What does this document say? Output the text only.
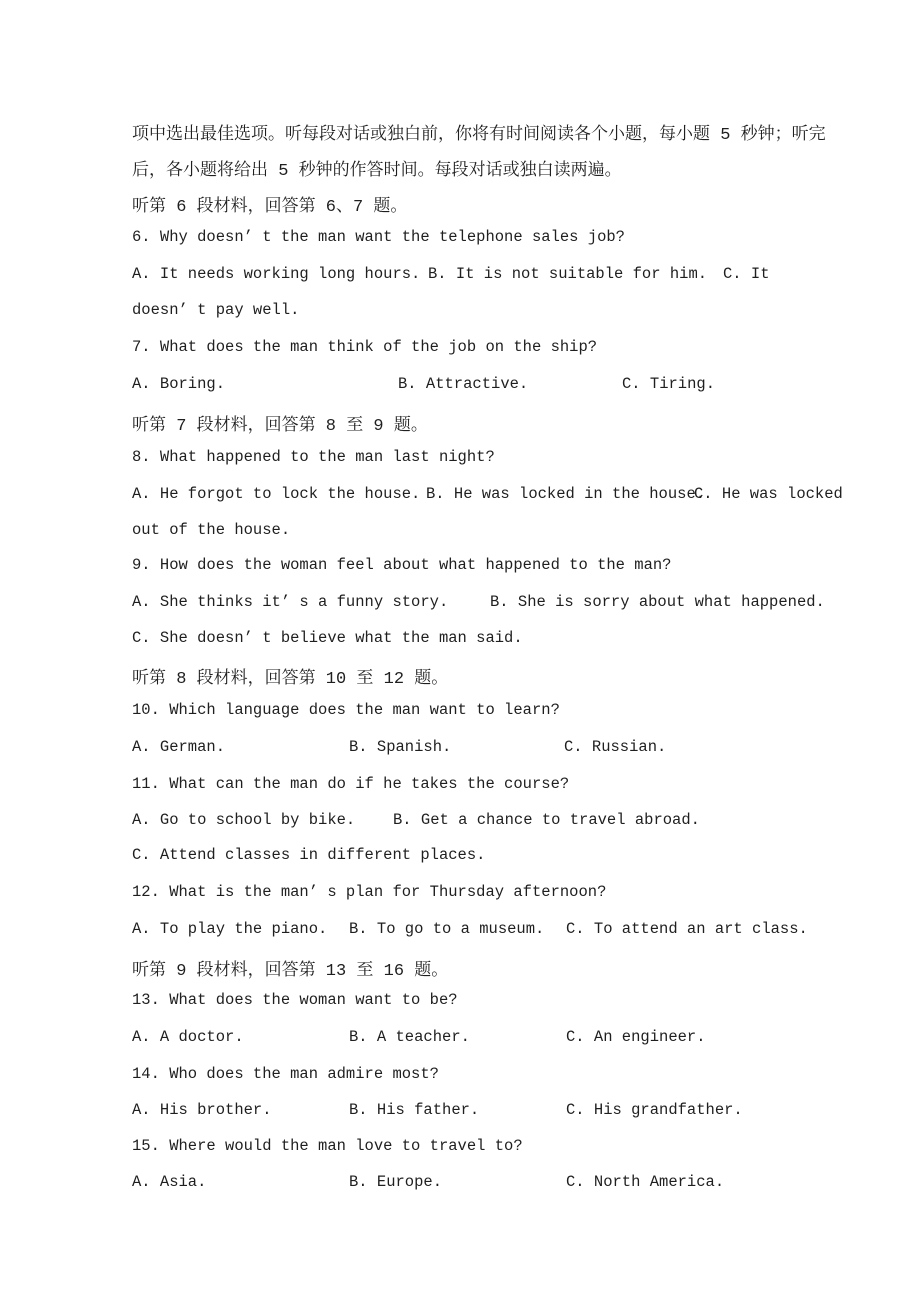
项中选出最佳选项。听每段对话或独白前，你将有时间阅读各个小题，每小题 5 秒钟；听完
后，各小题将给出 5 秒钟的作答时间。每段对话或独白读两遍。
听第 6 段材料，回答第 6、7 题。
6. Why doesn’ t the man want the telephone sales job?
A. It needs working long hours. B. It is not suitable for him. C. It
doesn’ t pay well.
7. What does the man think of the job on the ship?
A. Boring.	B. Attractive.	C. Tiring.
听第 7 段材料，回答第 8 至 9 题。
8. What happened to the man last night?
A. He forgot to lock the house. B. He was locked in the house.
C. He was locked
out of the house.
9. How does the woman feel about what happened to the man?
A. She thinks it’ s a funny story.	B. She is sorry about what happened.
C. She doesn’ t believe what the man said.
听第 8 段材料，回答第 10 至 12 题。
10. Which language does the man want to learn?
A. German.	B. Spanish.	C. Russian.
11. What can the man do if he takes the course?
A. Go to school by bike. B. Get a chance to travel abroad.
C. Attend classes in different places.
12. What is the man’ s plan for Thursday afternoon?
A. To play the piano. B. To go to a museum. C. To attend an art class.
听第 9 段材料，回答第 13 至 16 题。
13. What does the woman want to be?
A. A doctor.	B. A teacher.	C. An engineer.
14. Who does the man admire most?
A. His brother.	B. His father.	C. His grandfather.
15. Where would the man love to travel to?
A. Asia.	B. Europe.	C. North America.
